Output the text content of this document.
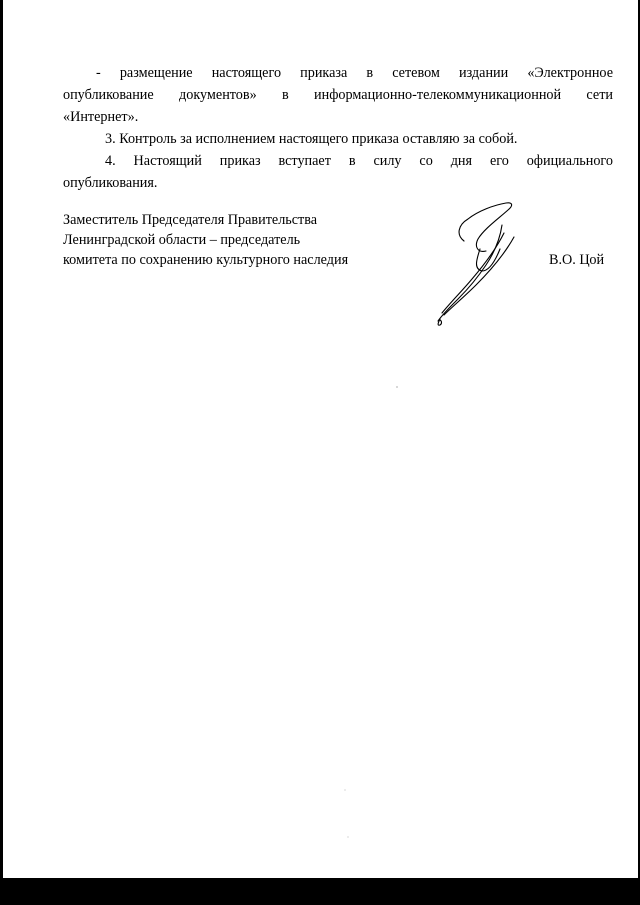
- размещение настоящего приказа в сетевом издании «Электронное
опубликование документов» в информационно-телекоммуникационной сети
«Интернет».

3. Контроль за исполнением настоящего приказа оставляю за собой.

4. Настоящий приказ вступает в силу со дня его официального
опубликования.

Заместитель Председателя Правительства
Ленинградской области – председатель
комитета по сохранению культурного наследия	В.О. Цой
